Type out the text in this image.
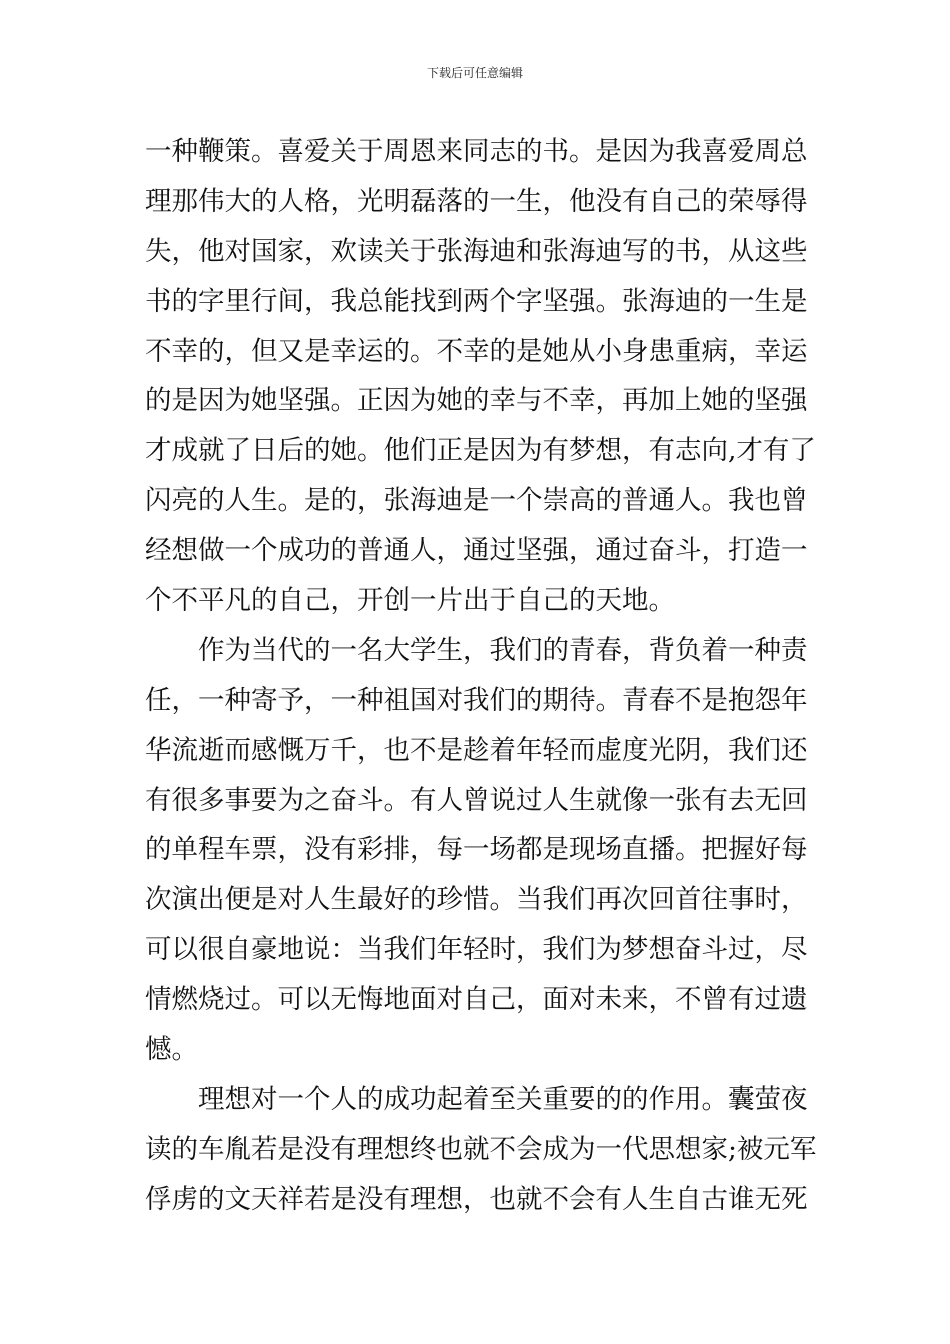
下载后可任意编辑
一种鞭策。喜爱关于周恩来同志的书。是因为我喜爱周总
理那伟大的人格，光明磊落的一生，他没有自己的荣辱得
失，他对国家，欢读关于张海迪和张海迪写的书，从这些
书的字里行间，我总能找到两个字坚强。张海迪的一生是
不幸的，但又是幸运的。不幸的是她从小身患重病，幸运
的是因为她坚强。正因为她的幸与不幸，再加上她的坚强
才成就了日后的她。他们正是因为有梦想，有志向,才有了
闪亮的人生。是的，张海迪是一个崇高的普通人。我也曾
经想做一个成功的普通人，通过坚强，通过奋斗，打造一
个不平凡的自己，开创一片出于自己的天地。
作为当代的一名大学生，我们的青春，背负着一种责
任，一种寄予，一种祖国对我们的期待。青春不是抱怨年
华流逝而感慨万千，也不是趁着年轻而虚度光阴，我们还
有很多事要为之奋斗。有人曾说过人生就像一张有去无回
的单程车票，没有彩排，每一场都是现场直播。把握好每
次演出便是对人生最好的珍惜。当我们再次回首往事时，
可以很自豪地说：当我们年轻时，我们为梦想奋斗过，尽
情燃烧过。可以无悔地面对自己，面对未来，不曾有过遗
憾。
理想对一个人的成功起着至关重要的的作用。囊萤夜
读的车胤若是没有理想终也就不会成为一代思想家;被元军
俘虏的文天祥若是没有理想，也就不会有人生自古谁无死
